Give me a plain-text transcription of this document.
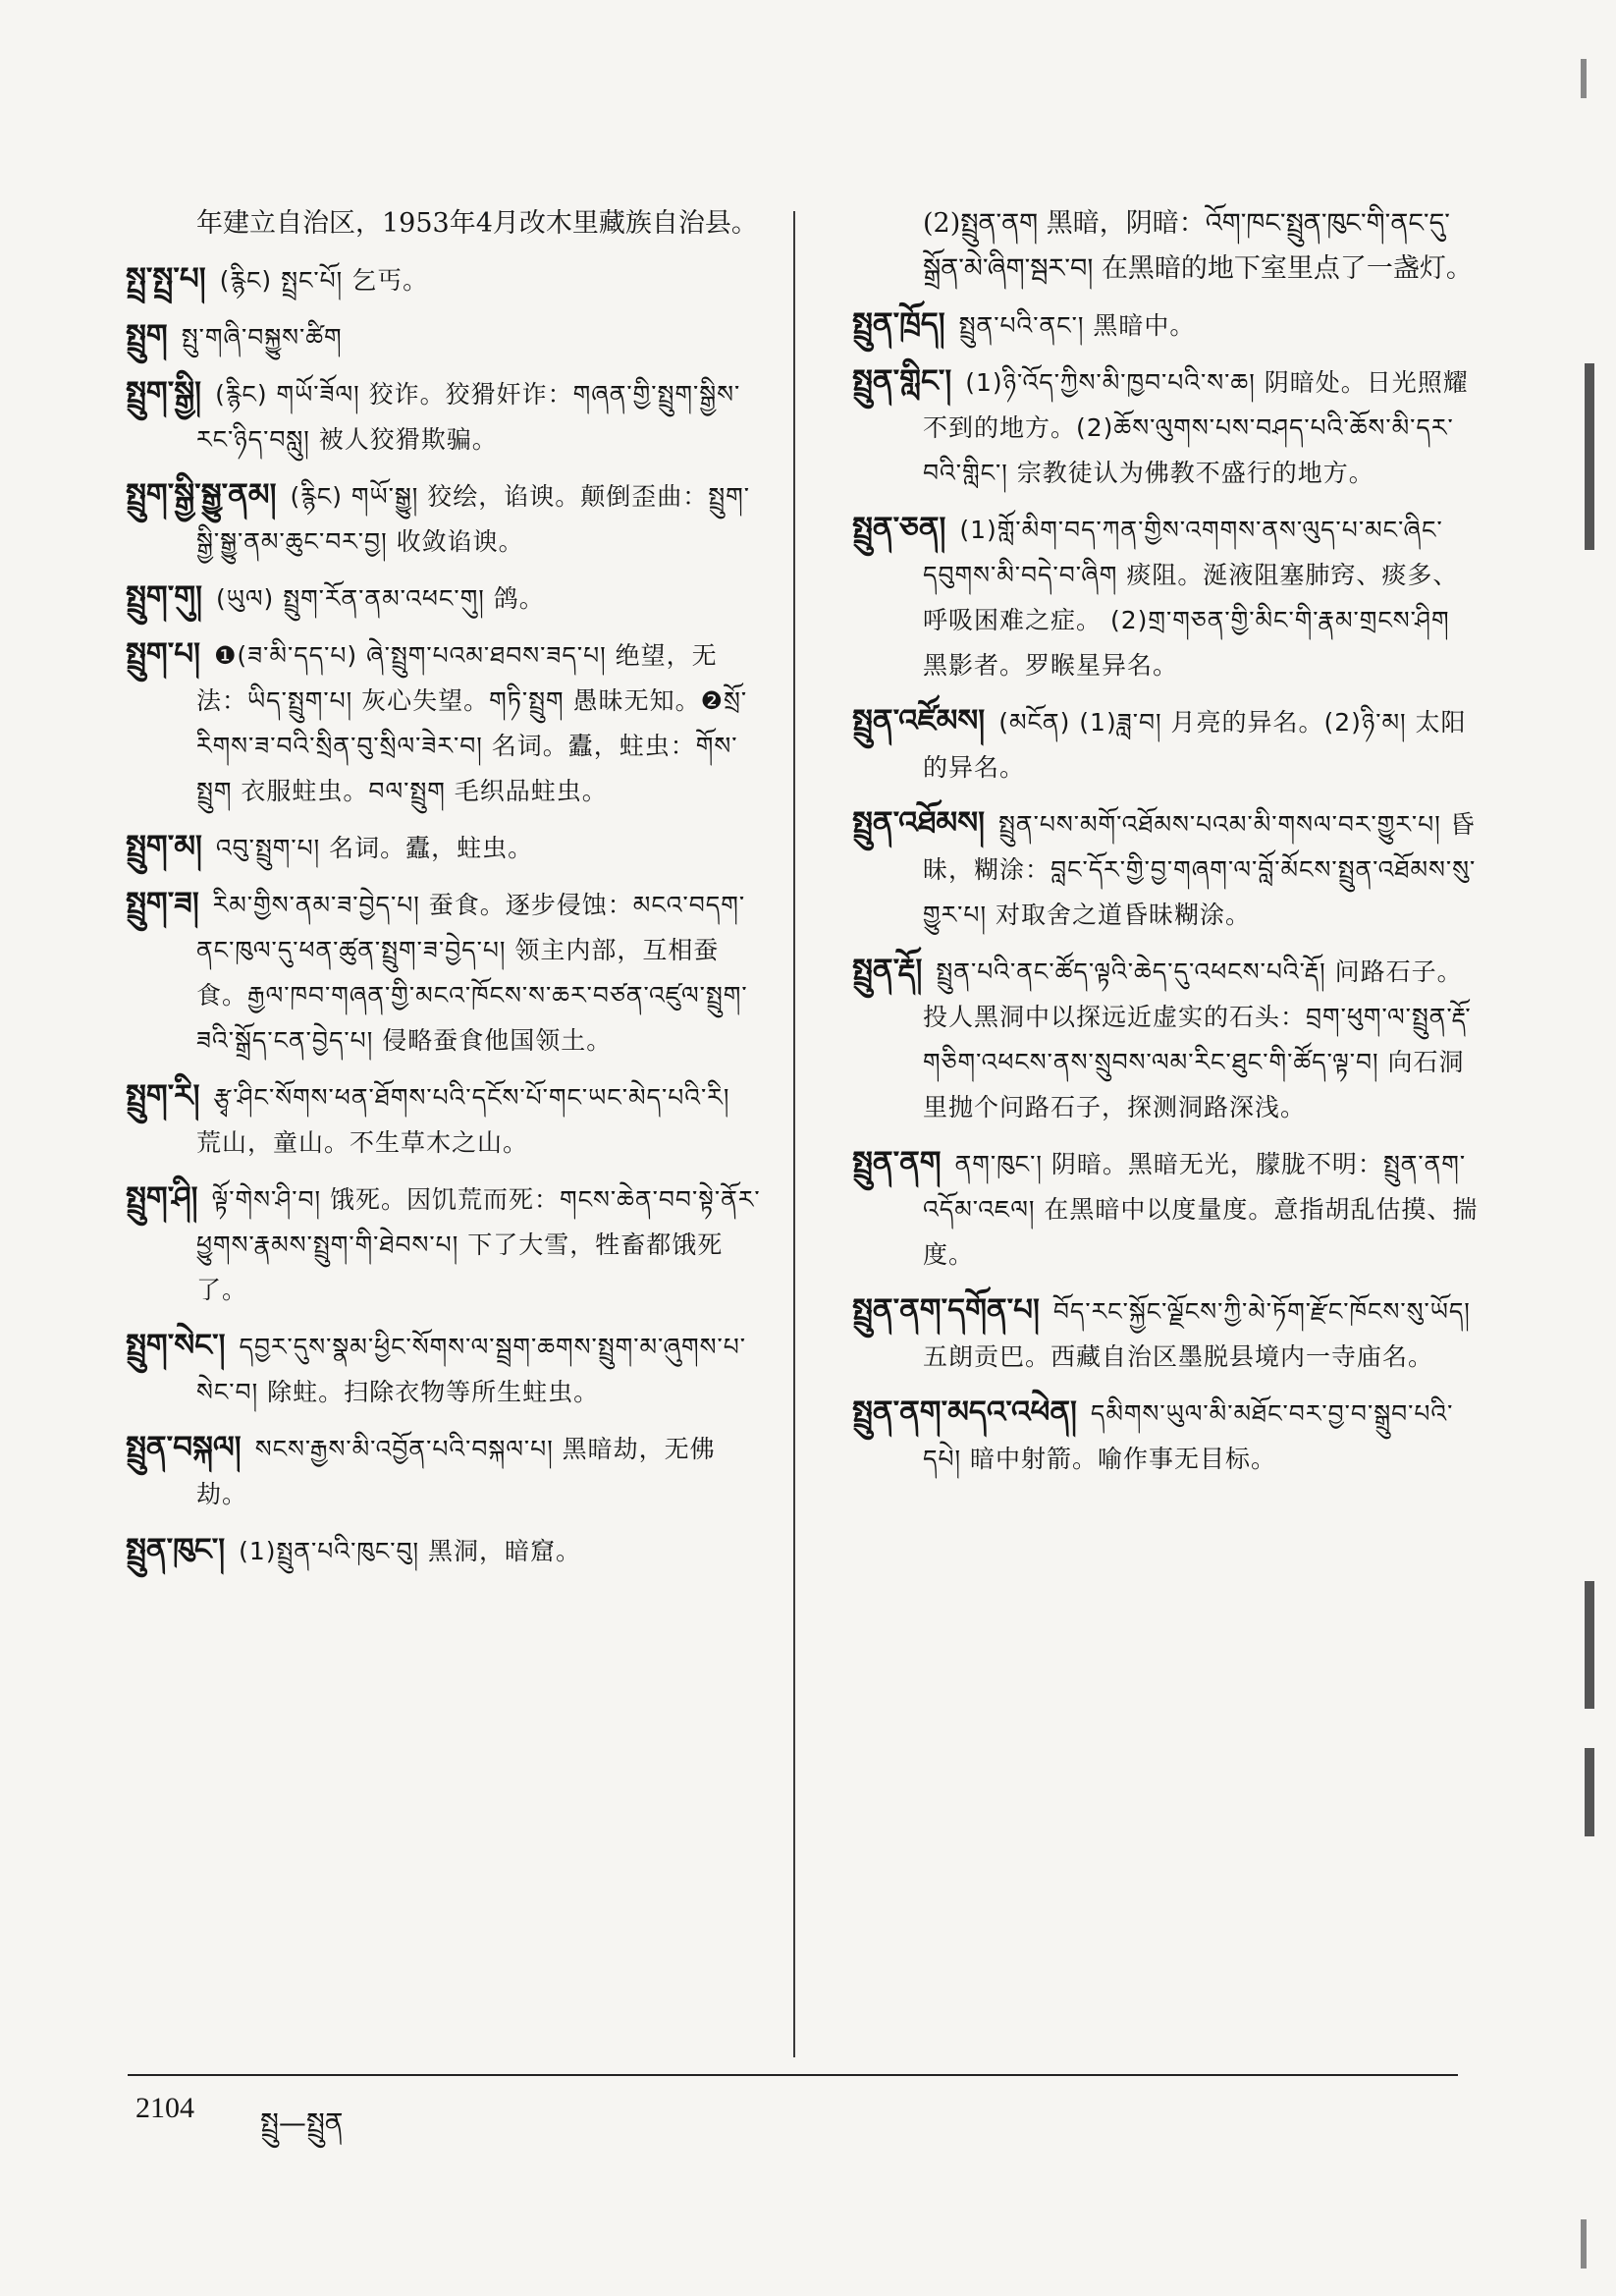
年建立自治区，1953年4月改木里藏族自治县。
སྤྲ་སྤྲ་པ། (རྙིང) སྤྲང་པོ། 乞丐。
སྤྲུག སྤུ་གཞི་བསྐྱུས་ཚིག
སྤྲུག་སྒྱི། (རྙིང) གཡོ་ཟོལ། 狡诈。狡猾奸诈：གཞན་གྱི་སྤྲུག་སྒྱིས་རང་ཉིད་བསླུ། 被人狡猾欺骗。
སྤྲུག་སྒྱི་སྒྱུ་ནམ། (རྙིང) གཡོ་སྒྱུ། 狡绘，谄谀。颠倒歪曲：སྤྲུག་སྒྱི་སྒྱུ་ནམ་ཆུང་བར་བྱ། 收敛谄谀。
སྤྲུག་གུ། (ཡུལ) སྤྲུག་རོན་ནམ་འཕང་གུ། 鸽。
སྤྲུག་པ། ❶(ཟ་མི་དད་པ) ཞེ་སྤྲུག་པའམ་ཐབས་ཟད་པ། 绝望，无法：ཡིད་སྤྲུག་པ། 灰心失望。གཏི་སྤྲུག 愚昧无知。❷སྲོ་རིགས་ཟ་བའི་སྲིན་བུ་སྲིལ་ཟེར་བ། 名词。蠹，蛀虫：གོས་སྤྲུག 衣服蛀虫。བལ་སྤྲུག 毛织品蛀虫。
སྤྲུག་མ། འབུ་སྤྲུག་པ། 名词。蠹，蛀虫。
སྤྲུག་ཟ། རིམ་གྱིས་ནམ་ཟ་བྱེད་པ། 蚕食。逐步侵蚀：མངའ་བདག་ནང་ཁུལ་དུ་ཕན་ཚུན་སྤྲུག་ཟ་བྱེད་པ། 领主内部，互相蚕食。རྒྱལ་ཁབ་གཞན་གྱི་མངའ་ཁོངས་ས་ཆར་བཙན་འཛུལ་སྤྲུག་ཟའི་སྒྲོད་ངན་བྱེད་པ། 侵略蚕食他国领土。
སྤྲུག་རི། རྩྭ་ཤིང་སོགས་ཕན་ཐོགས་པའི་དངོས་པོ་གང་ཡང་མེད་པའི་རི། 荒山，童山。不生草木之山。
སྤྲུག་ཤི། ལྟོ་གེས་ཤི་བ། 饿死。因饥荒而死：གངས་ཆེན་བབ་སྟེ་ནོར་ཕྱུགས་རྣམས་སྤྲུག་གི་ཐེབས་པ། 下了大雪，牲畜都饿死了。
སྤྲུག་སེང་། དབྱར་དུས་སྣམ་ཕྱིང་སོགས་ལ་སྦྲག་ཆགས་སྤྲུག་མ་ཞུགས་པ་སེང་བ། 除蛀。扫除衣物等所生蛀虫。
སྤྲུན་བསྐལ། སངས་རྒྱས་མི་འབྱོན་པའི་བསྐལ་པ། 黑暗劫，无佛劫。
སྤྲུན་ཁུང་། (1)སྤྲུན་པའི་ཁུང་བུ། 黑洞，暗窟。
(2)སྤྲུན་ནག 黑暗，阴暗：འོག་ཁང་སྤྲུན་ཁུང་གི་ནང་དུ་སྒྲོན་མེ་ཞིག་སྦར་བ། 在黑暗的地下室里点了一盏灯。
སྤྲུན་ཁྲོད། སྤྲུན་པའི་ནང་། 黑暗中。
སྤྲུན་གླིང་། (1)ཉི་འོད་ཀྱིས་མི་ཁྱབ་པའི་ས་ཆ། 阴暗处。日光照耀不到的地方。(2)ཆོས་ལུགས་པས་བཤད་པའི་ཆོས་མི་དར་བའི་གླིང་། 宗教徒认为佛教不盛行的地方。
སྤྲུན་ཅན། (1)གློ་མིག་བད་ཀན་གྱིས་འགགས་ནས་ལུད་པ་མང་ཞིང་དབུགས་མི་བདེ་བ་ཞིག 痰阻。涎液阻塞肺窍、痰多、呼吸困难之症。 (2)གྲ་གཅན་གྱི་མིང་གི་རྣམ་གྲངས་ཤིག 黑影者。罗睺星异名。
སྤྲུན་འཛོམས། (མངོན) (1)ཟླ་བ། 月亮的异名。(2)ཉི་མ། 太阳的异名。
སྤྲུན་འཐོམས། སྤྲུན་པས་མགོ་འཐོམས་པའམ་མི་གསལ་བར་གྱུར་པ། 昏昧，糊涂：བླང་དོར་གྱི་བྱ་གཞག་ལ་བློ་མོངས་སྤྲུན་འཐོམས་སུ་གྱུར་པ། 对取舍之道昏昧糊涂。
སྤྲུན་རྡོ། སྤྲུན་པའི་ནང་ཚོད་ལྟའི་ཆེད་དུ་འཕངས་པའི་རྡོ། 问路石子。投人黑洞中以探远近虚实的石头：བྲག་ཕུག་ལ་སྤྲུན་རྡོ་གཅིག་འཕངས་ནས་སྲུབས་ལམ་རིང་ཐུང་གི་ཚོད་ལྟ་བ། 向石洞里抛个问路石子，探测洞路深浅。
སྤྲུན་ནག ནག་ཁུང་། 阴暗。黑暗无光，朦胧不明：སྤྲུན་ནག་འདོམ་འཇལ། 在黑暗中以度量度。意指胡乱估摸、揣度。
སྤྲུན་ནག་དགོན་པ། བོད་རང་སྐྱོང་ལྗོངས་ཀྱི་མེ་ཏོག་རྫོང་ཁོངས་སུ་ཡོད། 五朗贡巴。西藏自治区墨脱县境内一寺庙名。
སྤྲུན་ནག་མདའ་འཕེན། དམིགས་ཡུལ་མི་མཐོང་བར་བྱ་བ་སྒྲུབ་པའི་དཔེ། 暗中射箭。喻作事无目标。
2104 སྤྲུ—སྤྲུན
